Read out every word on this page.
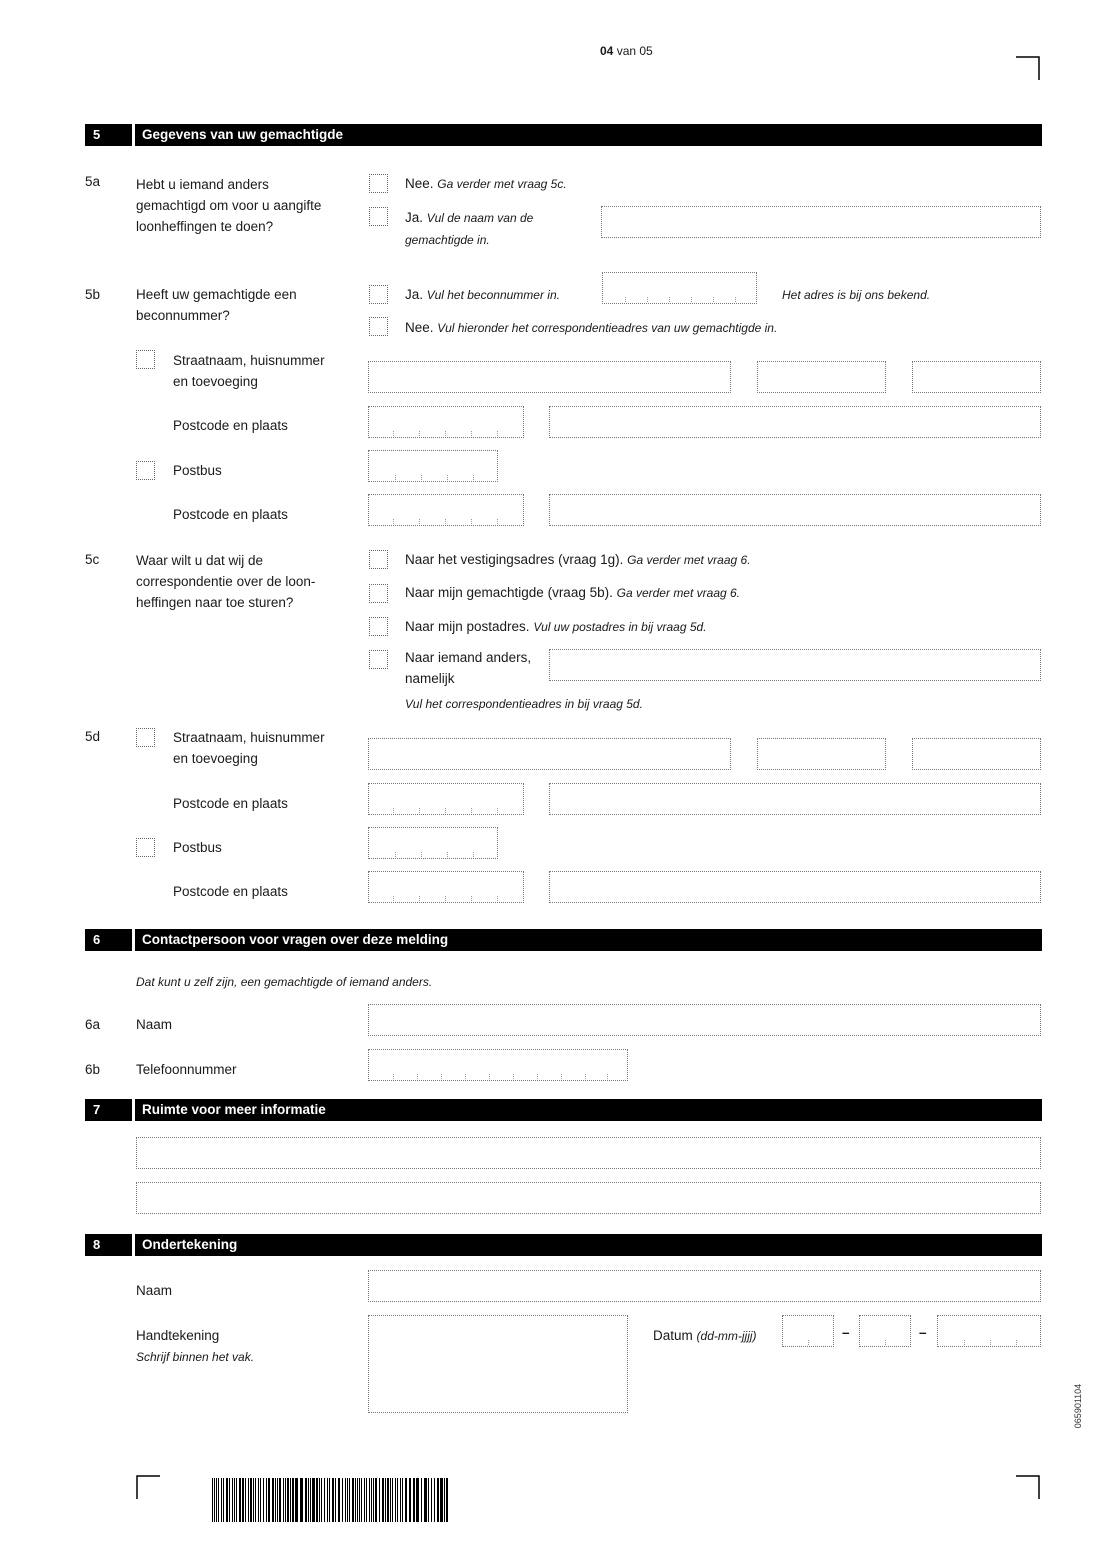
04 van 05
5	Gegevens van uw gemachtigde
5a	Hebt u iemand anders
gemachtigd om voor u aangifte
loonheffingen te doen?
Nee. Ga verder met vraag 5c.
Ja. Vul de naam van de
gemachtigde in.
5b	Heeft uw gemachtigde een
beconnummer?
Ja. Vul het beconnummer in.	Het adres is bij ons bekend.
Nee. Vul hieronder het correspondentieadres van uw gemachtigde in.
Straatnaam, huisnummer
en toevoeging
Postcode en plaats
Postbus
Postcode en plaats
5c	Waar wilt u dat wij de
correspondentie over de loon-
heffingen naar toe sturen?
Naar het vestigingsadres (vraag 1g). Ga verder met vraag 6.
Naar mijn gemachtigde (vraag 5b). Ga verder met vraag 6.
Naar mijn postadres. Vul uw postadres in bij vraag 5d.
Naar iemand anders,
namelijk
Vul het correspondentieadres in bij vraag 5d.
5d	Straatnaam, huisnummer
en toevoeging
Postcode en plaats
Postbus
Postcode en plaats
6	Contactpersoon voor vragen over deze melding
Dat kunt u zelf zijn, een gemachtigde of iemand anders.
6a	Naam
6b	Telefoonnummer
7	Ruimte voor meer informatie
8	Ondertekening
Naam
Handtekening
Schrijf binnen het vak.
Datum (dd-mm-jjjj)	–	–
065901104
